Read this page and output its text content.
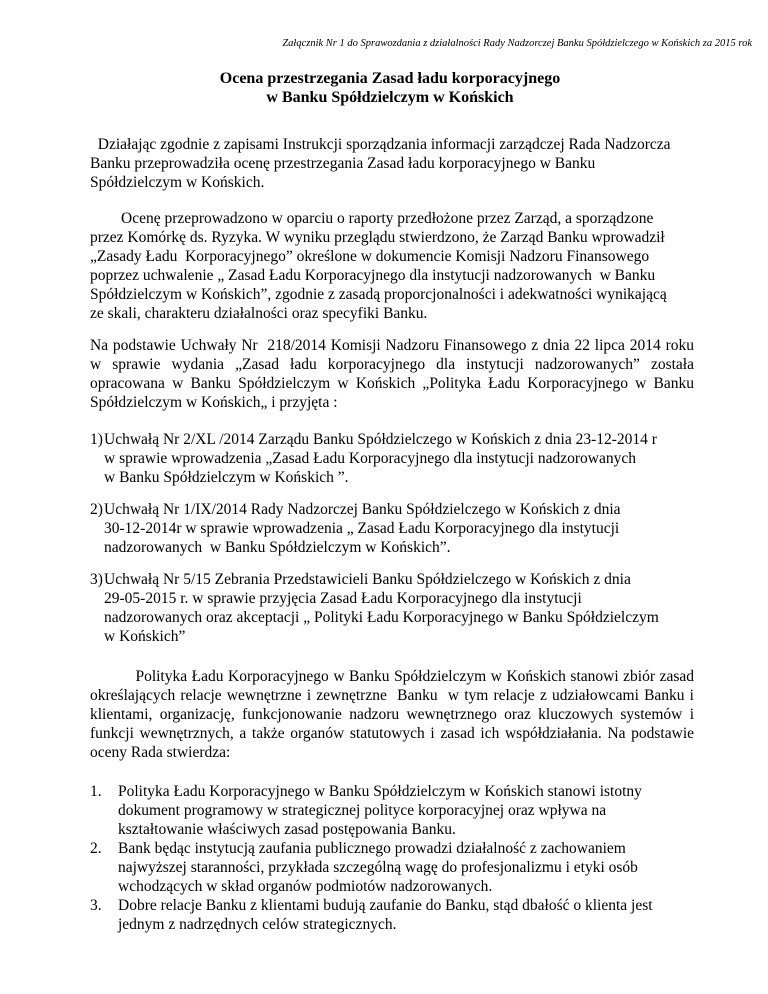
Załącznik Nr 1 do Sprawozdania z działalności Rady Nadzorczej Banku Spółdzielczego w Końskich za 2015 rok
Ocena przestrzegania Zasad ładu korporacyjnego
w Banku Spółdzielczym w Końskich
Działając zgodnie z zapisami Instrukcji sporządzania informacji zarządczej Rada Nadzorcza
Banku przeprowadziła ocenę przestrzegania Zasad ładu korporacyjnego w Banku
Spółdzielczym w Końskich.
Ocenę przeprowadzono w oparciu o raporty przedłożone przez Zarząd, a sporządzone
przez Komórkę ds. Ryzyka. W wyniku przeglądu stwierdzono, że Zarząd Banku wprowadził
„Zasady Ładu  Korporacyjnego” określone w dokumencie Komisji Nadzoru Finansowego
poprzez uchwalenie „ Zasad Ładu Korporacyjnego dla instytucji nadzorowanych  w Banku
Spółdzielczym w Końskich”, zgodnie z zasadą proporcjonalności i adekwatności wynikającą
ze skali, charakteru działalności oraz specyfiki Banku.
Na podstawie Uchwały Nr  218/2014 Komisji Nadzoru Finansowego z dnia 22 lipca 2014 roku w sprawie wydania „Zasad ładu korporacyjnego dla instytucji nadzorowanych” została opracowana w Banku Spółdzielczym w Końskich „Polityka Ładu Korporacyjnego w Banku Spółdzielczym w Końskich„ i przyjęta :
1) Uchwałą Nr 2/XL /2014 Zarządu Banku Spółdzielczego w Końskich z dnia 23-12-2014 r
w sprawie wprowadzenia „Zasad Ładu Korporacyjnego dla instytucji nadzorowanych
w Banku Spółdzielczym w Końskich ”.
2) Uchwałą Nr 1/IX/2014 Rady Nadzorczej Banku Spółdzielczego w Końskich z dnia
30-12-2014r w sprawie wprowadzenia „ Zasad Ładu Korporacyjnego dla instytucji
nadzorowanych  w Banku Spółdzielczym w Końskich”.
3) Uchwałą Nr 5/15 Zebrania Przedstawicieli Banku Spółdzielczego w Końskich z dnia
29-05-2015 r. w sprawie przyjęcia Zasad Ładu Korporacyjnego dla instytucji
nadzorowanych oraz akceptacji „ Polityki Ładu Korporacyjnego w Banku Spółdzielczym
w Końskich”
Polityka Ładu Korporacyjnego w Banku Spółdzielczym w Końskich stanowi zbiór zasad określających relacje wewnętrzne i zewnętrzne  Banku  w tym relacje z udziałowcami Banku i klientami, organizację, funkcjonowanie nadzoru wewnętrznego oraz kluczowych systemów i funkcji wewnętrznych, a także organów statutowych i zasad ich współdziałania. Na podstawie oceny Rada stwierdza:
1. Polityka Ładu Korporacyjnego w Banku Spółdzielczym w Końskich stanowi istotny
dokument programowy w strategicznej polityce korporacyjnej oraz wpływa na
kształtowanie właściwych zasad postępowania Banku.
2. Bank będąc instytucją zaufania publicznego prowadzi działalność z zachowaniem
najwyższej staranności, przykłada szczególną wagę do profesjonalizmu i etyki osób
wchodzących w skład organów podmiotów nadzorowanych.
3. Dobre relacje Banku z klientami budują zaufanie do Banku, stąd dbałość o klienta jest
jednym z nadrzędnych celów strategicznych.
